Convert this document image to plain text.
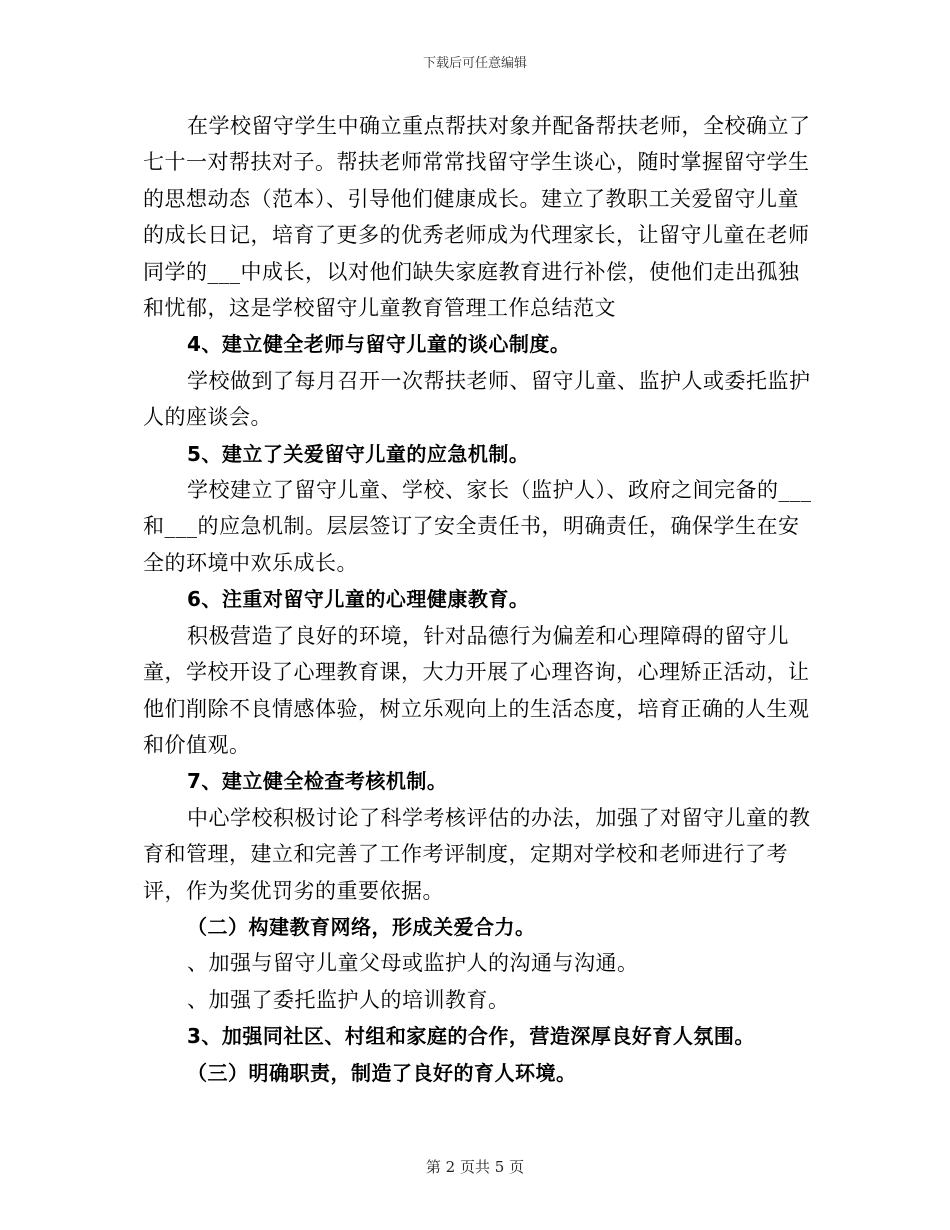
下载后可任意编辑

在学校留守学生中确立重点帮扶对象并配备帮扶老师，全校确立了七十一对帮扶对子。帮扶老师常常找留守学生谈心，随时掌握留守学生的思想动态（范本）、引导他们健康成长。建立了教职工关爱留守儿童的成长日记，培育了更多的优秀老师成为代理家长，让留守儿童在老师同学的___中成长，以对他们缺失家庭教育进行补偿，使他们走出孤独和忧郁，这是学校留守儿童教育管理工作总结范文

4、建立健全老师与留守儿童的谈心制度。

学校做到了每月召开一次帮扶老师、留守儿童、监护人或委托监护人的座谈会。

5、建立了关爱留守儿童的应急机制。

学校建立了留守儿童、学校、家长（监护人）、政府之间完备的___和___的应急机制。层层签订了安全责任书，明确责任，确保学生在安全的环境中欢乐成长。

6、注重对留守儿童的心理健康教育。

积极营造了良好的环境，针对品德行为偏差和心理障碍的留守儿童，学校开设了心理教育课，大力开展了心理咨询，心理矫正活动，让他们削除不良情感体验，树立乐观向上的生活态度，培育正确的人生观和价值观。

7、建立健全检查考核机制。

中心学校积极讨论了科学考核评估的办法，加强了对留守儿童的教育和管理，建立和完善了工作考评制度，定期对学校和老师进行了考评，作为奖优罚劣的重要依据。

（二）构建教育网络，形成关爱合力。

、加强与留守儿童父母或监护人的沟通与沟通。

、加强了委托监护人的培训教育。

3、加强同社区、村组和家庭的合作，营造深厚良好育人氛围。

（三）明确职责，制造了良好的育人环境。

第 2 页共 5 页
